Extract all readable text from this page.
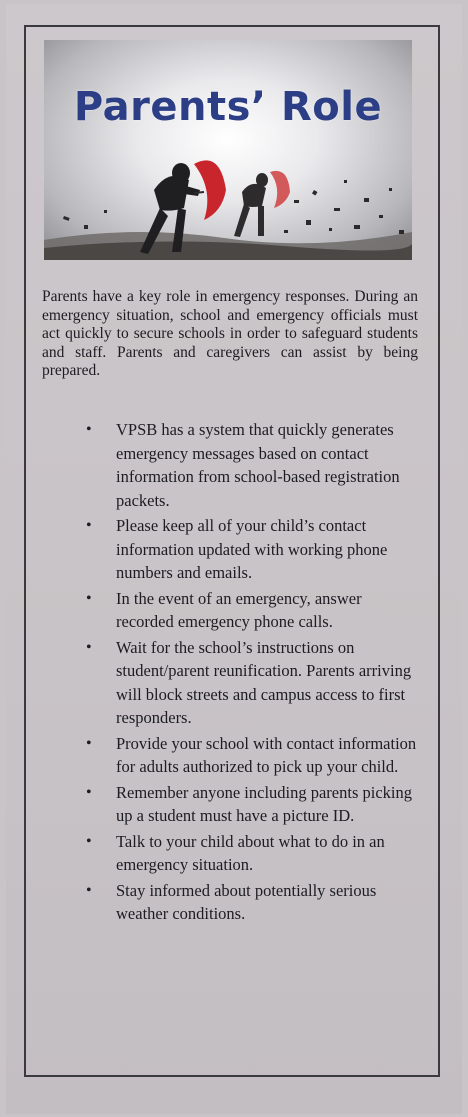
Parents’ Role
Parents have a key role in emergency responses. During an emergency situation, school and emergency officials must act quickly to secure schools in order to safeguard students and staff. Parents and caregivers can assist by being prepared.
• VPSB has a system that quickly generates emergency messages based on contact information from school-based registration packets.
• Please keep all of your child’s contact information updated with working phone numbers and emails.
• In the event of an emergency, answer recorded emergency phone calls.
• Wait for the school’s instructions on student/parent reunification. Parents arriving will block streets and campus access to first responders.
• Provide your school with contact information for adults authorized to pick up your child.
• Remember anyone including parents picking up a student must have a picture ID.
• Talk to your child about what to do in an emergency situation.
• Stay informed about potentially serious weather conditions.
